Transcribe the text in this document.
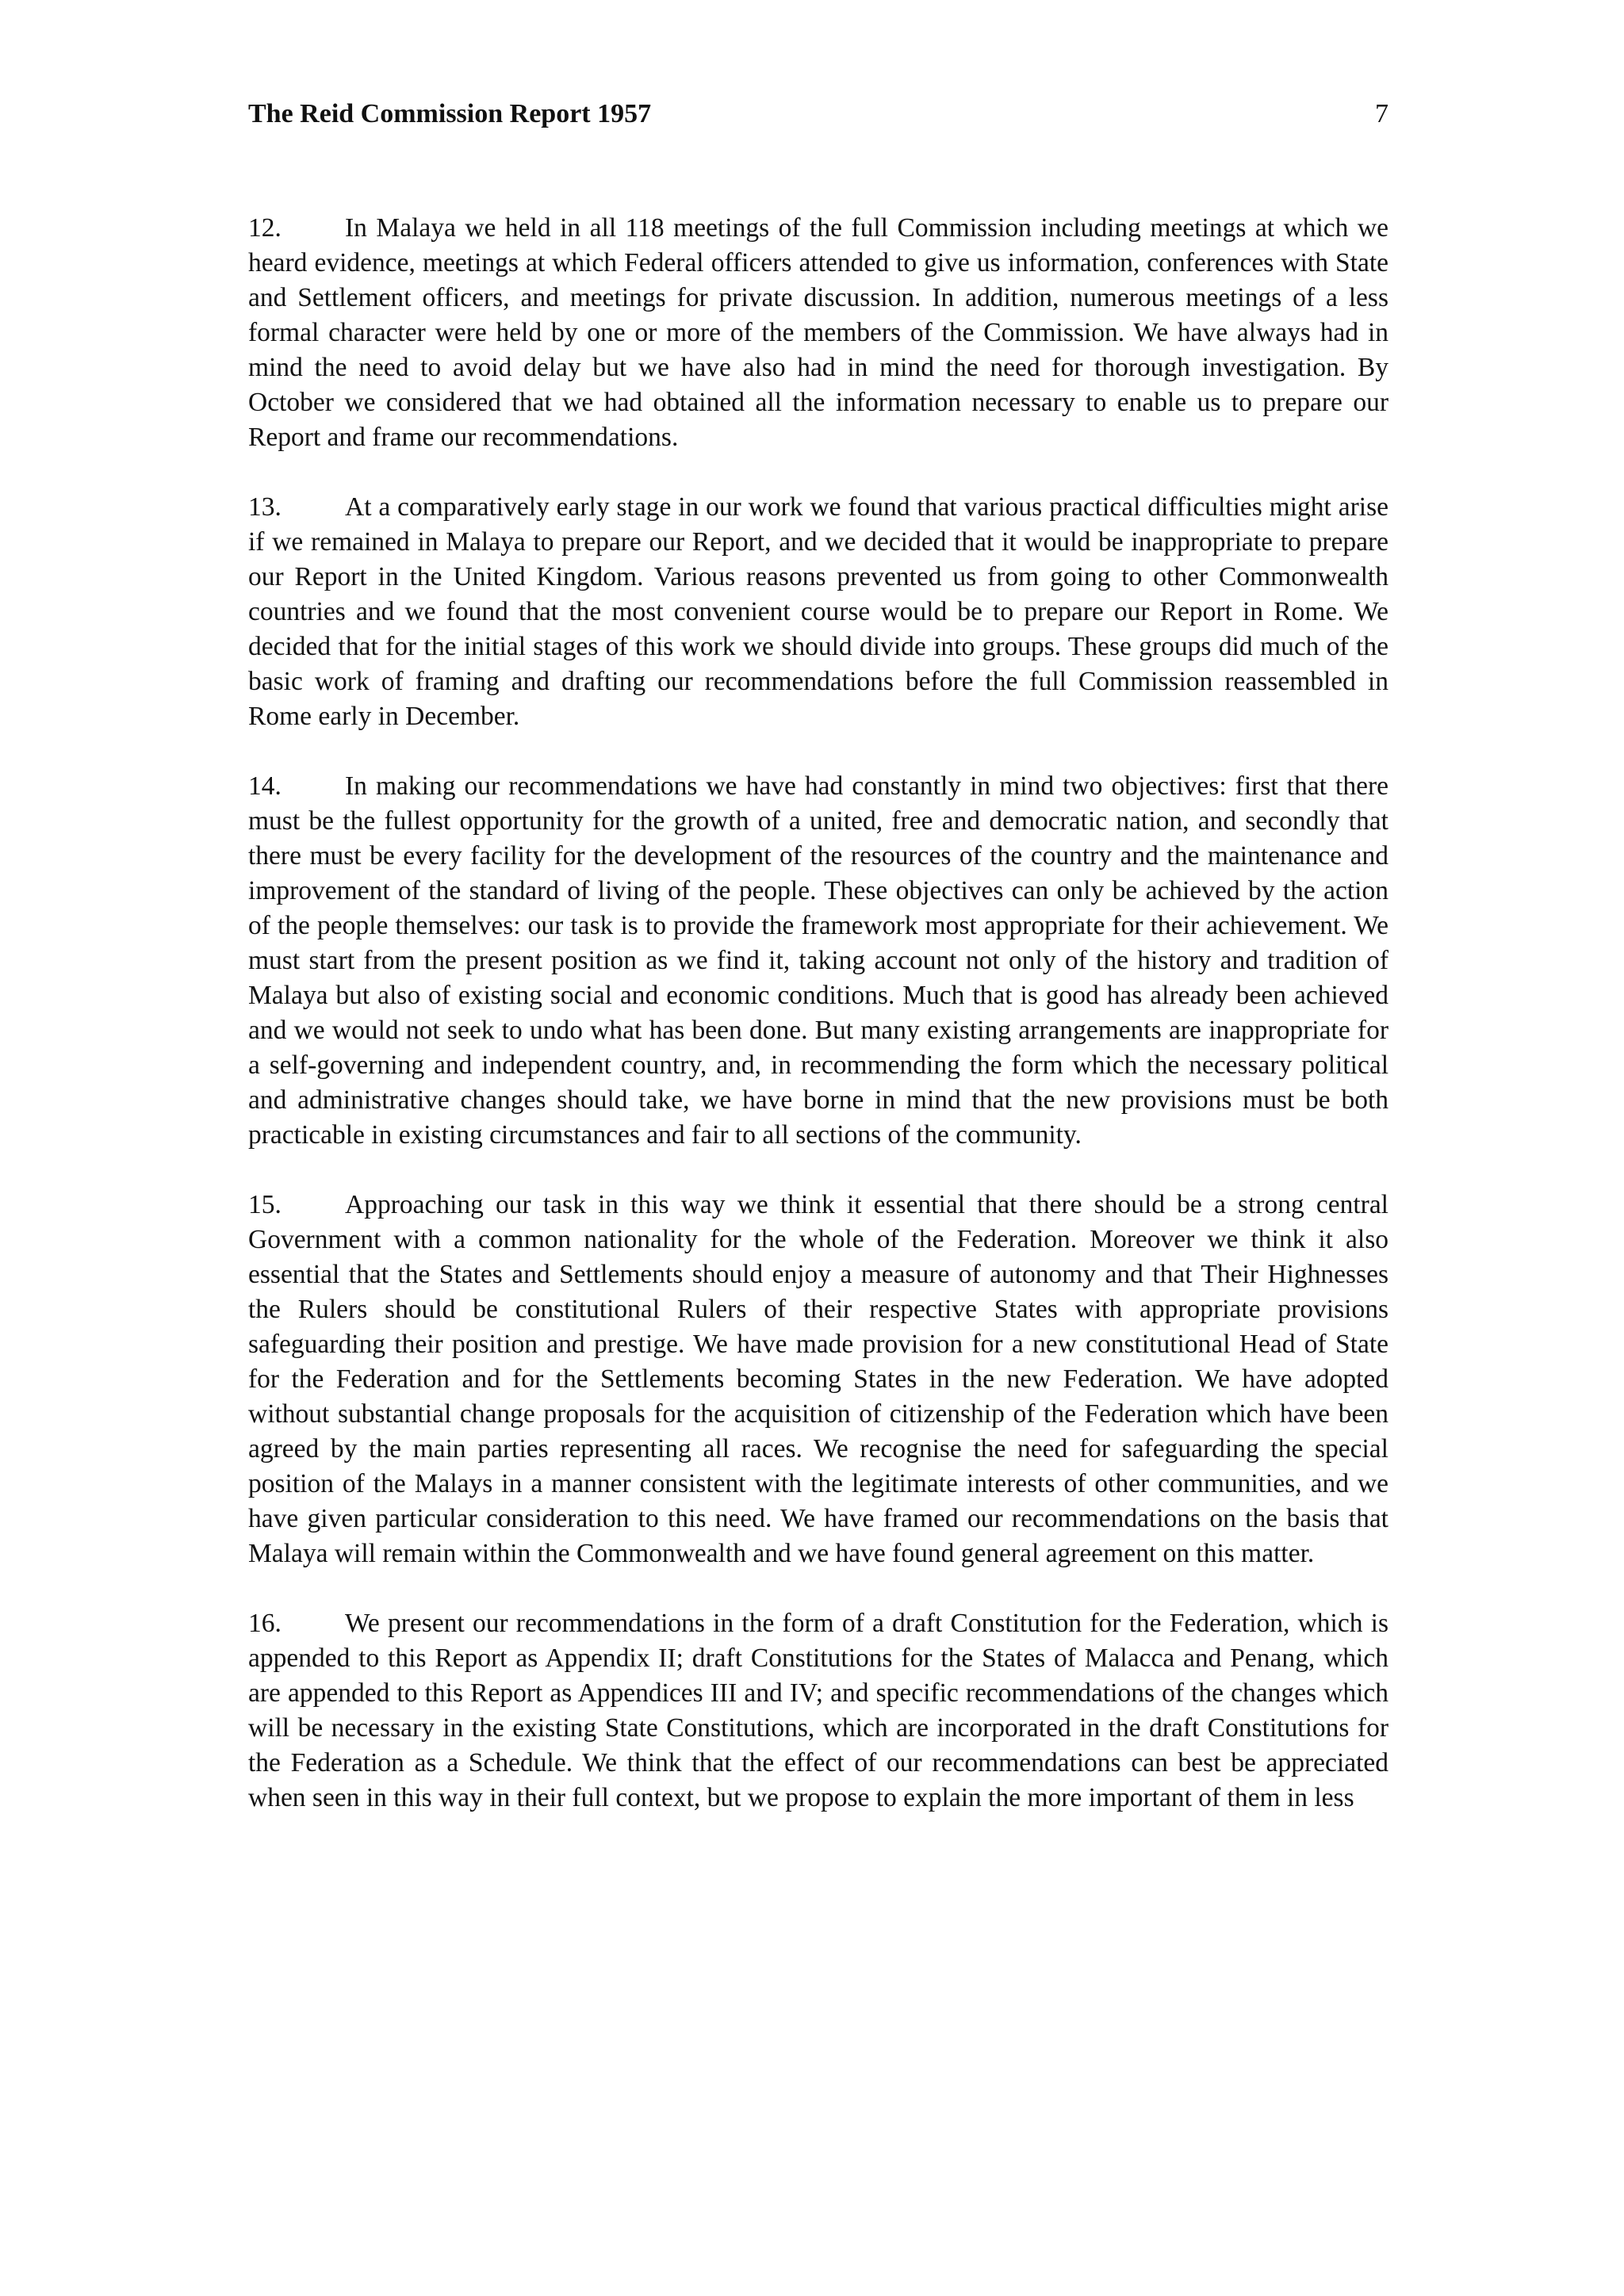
The Reid Commission Report 1957	7

12. In Malaya we held in all 118 meetings of the full Commission including meetings at which we heard evidence, meetings at which Federal officers attended to give us information, conferences with State and Settlement officers, and meetings for private discussion. In addition, numerous meetings of a less formal character were held by one or more of the members of the Commission. We have always had in mind the need to avoid delay but we have also had in mind the need for thorough investigation. By October we considered that we had obtained all the information necessary to enable us to prepare our Report and frame our recommendations.

13. At a comparatively early stage in our work we found that various practical difficulties might arise if we remained in Malaya to prepare our Report, and we decided that it would be inappropriate to prepare our Report in the United Kingdom. Various reasons prevented us from going to other Commonwealth countries and we found that the most convenient course would be to prepare our Report in Rome. We decided that for the initial stages of this work we should divide into groups. These groups did much of the basic work of framing and drafting our recommendations before the full Commission reassembled in Rome early in December.

14. In making our recommendations we have had constantly in mind two objectives: first that there must be the fullest opportunity for the growth of a united, free and democratic nation, and secondly that there must be every facility for the development of the resources of the country and the maintenance and improvement of the standard of living of the people. These objectives can only be achieved by the action of the people themselves: our task is to provide the framework most appropriate for their achievement. We must start from the present position as we find it, taking account not only of the history and tradition of Malaya but also of existing social and economic conditions. Much that is good has already been achieved and we would not seek to undo what has been done. But many existing arrangements are inappropriate for a self-governing and independent country, and, in recommending the form which the necessary political and administrative changes should take, we have borne in mind that the new provisions must be both practicable in existing circumstances and fair to all sections of the community.

15. Approaching our task in this way we think it essential that there should be a strong central Government with a common nationality for the whole of the Federation. Moreover we think it also essential that the States and Settlements should enjoy a measure of autonomy and that Their Highnesses the Rulers should be constitutional Rulers of their respective States with appropriate provisions safeguarding their position and prestige. We have made provision for a new constitutional Head of State for the Federation and for the Settlements becoming States in the new Federation. We have adopted without substantial change proposals for the acquisition of citizenship of the Federation which have been agreed by the main parties representing all races. We recognise the need for safeguarding the special position of the Malays in a manner consistent with the legitimate interests of other communities, and we have given particular consideration to this need. We have framed our recommendations on the basis that Malaya will remain within the Commonwealth and we have found general agreement on this matter.

16. We present our recommendations in the form of a draft Constitution for the Federation, which is appended to this Report as Appendix II; draft Constitutions for the States of Malacca and Penang, which are appended to this Report as Appendices III and IV; and specific recommendations of the changes which will be necessary in the existing State Constitutions, which are incorporated in the draft Constitutions for the Federation as a Schedule. We think that the effect of our recommendations can best be appreciated when seen in this way in their full context, but we propose to explain the more important of them in less
